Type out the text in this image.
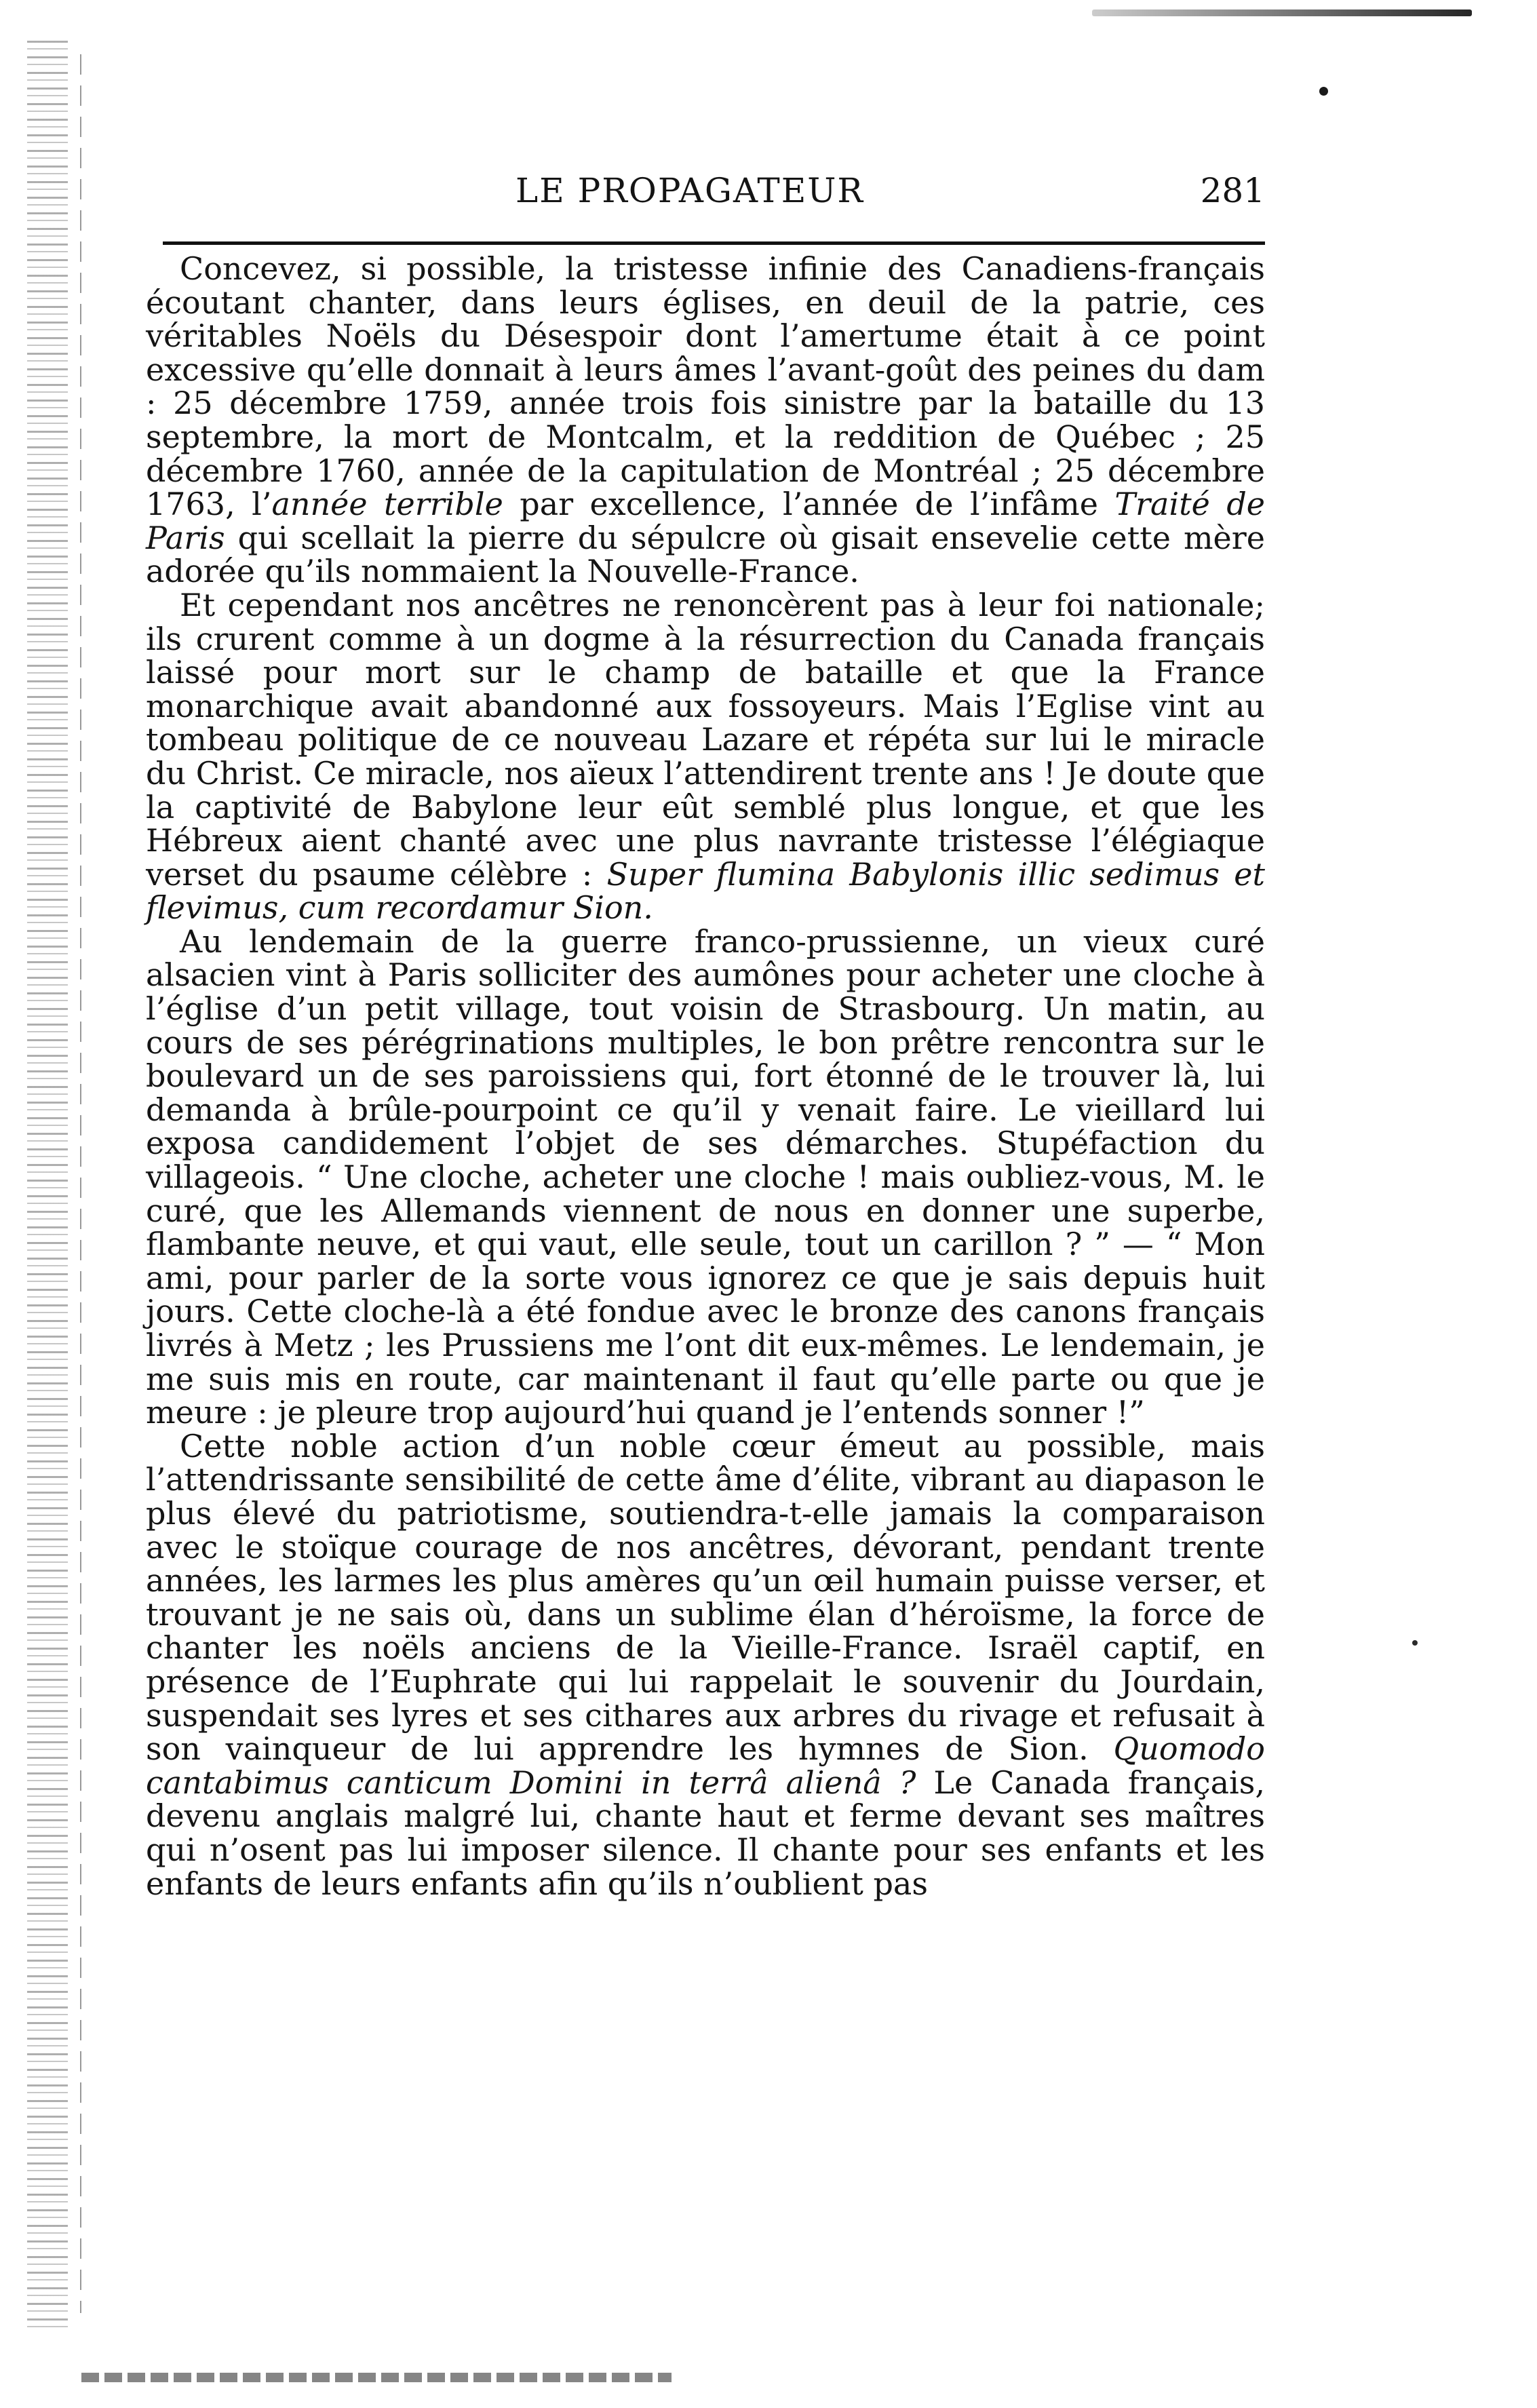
LE PROPAGATEUR	281

Concevez, si possible, la tristesse infinie des Canadiens-français écoutant chanter, dans leurs églises, en deuil de la patrie, ces véritables Noëls du Désespoir dont l’amertume était à ce point excessive qu’elle donnait à leurs âmes l’avant-goût des peines du dam : 25 décembre 1759, année trois fois sinistre par la bataille du 13 septembre, la mort de Montcalm, et la reddition de Québec ; 25 décembre 1760, année de la capitulation de Montréal ; 25 décembre 1763, l’année terrible par excellence, l’année de l’infâme Traité de Paris qui scellait la pierre du sépulcre où gisait ensevelie cette mère adorée qu’ils nommaient la Nouvelle-France.

Et cependant nos ancêtres ne renoncèrent pas à leur foi nationale; ils crurent comme à un dogme à la résurrection du Canada français laissé pour mort sur le champ de bataille et que la France monarchique avait abandonné aux fossoyeurs. Mais l’Eglise vint au tombeau politique de ce nouveau Lazare et répéta sur lui le miracle du Christ. Ce miracle, nos aïeux l’attendirent trente ans ! Je doute que la captivité de Babylone leur eût semblé plus longue, et que les Hébreux aient chanté avec une plus navrante tristesse l’élégiaque verset du psaume célèbre : Super flumina Babylonis illic sedimus et flevimus, cum recordamur Sion.

Au lendemain de la guerre franco-prussienne, un vieux curé alsacien vint à Paris solliciter des aumônes pour acheter une cloche à l’église d’un petit village, tout voisin de Strasbourg. Un matin, au cours de ses pérégrinations multiples, le bon prêtre rencontra sur le boulevard un de ses paroissiens qui, fort étonné de le trouver là, lui demanda à brûle-pourpoint ce qu’il y venait faire. Le vieillard lui exposa candidement l’objet de ses démarches. Stupéfaction du villageois. “ Une cloche, acheter une cloche ! mais oubliez-vous, M. le curé, que les Allemands viennent de nous en donner une superbe, flambante neuve, et qui vaut, elle seule, tout un carillon ? ” — “ Mon ami, pour parler de la sorte vous ignorez ce que je sais depuis huit jours. Cette cloche-là a été fondue avec le bronze des canons français livrés à Metz ; les Prussiens me l’ont dit eux-mêmes. Le lendemain, je me suis mis en route, car maintenant il faut qu’elle parte ou que je meure : je pleure trop aujourd’hui quand je l’entends sonner !”

Cette noble action d’un noble cœur émeut au possible, mais l’attendrissante sensibilité de cette âme d’élite, vibrant au diapason le plus élevé du patriotisme, soutiendra-t-elle jamais la comparaison avec le stoïque courage de nos ancêtres, dévorant, pendant trente années, les larmes les plus amères qu’un œil humain puisse verser, et trouvant je ne sais où, dans un sublime élan d’héroïsme, la force de chanter les noëls anciens de la Vieille-France. Israël captif, en présence de l’Euphrate qui lui rappelait le souvenir du Jourdain, suspendait ses lyres et ses cithares aux arbres du rivage et refusait à son vainqueur de lui apprendre les hymnes de Sion. Quomodo cantabimus canticum Domini in terrâ alienâ ? Le Canada français, devenu anglais malgré lui, chante haut et ferme devant ses maîtres qui n’osent pas lui imposer silence. Il chante pour ses enfants et les enfants de leurs enfants afin qu’ils n’oublient pas
